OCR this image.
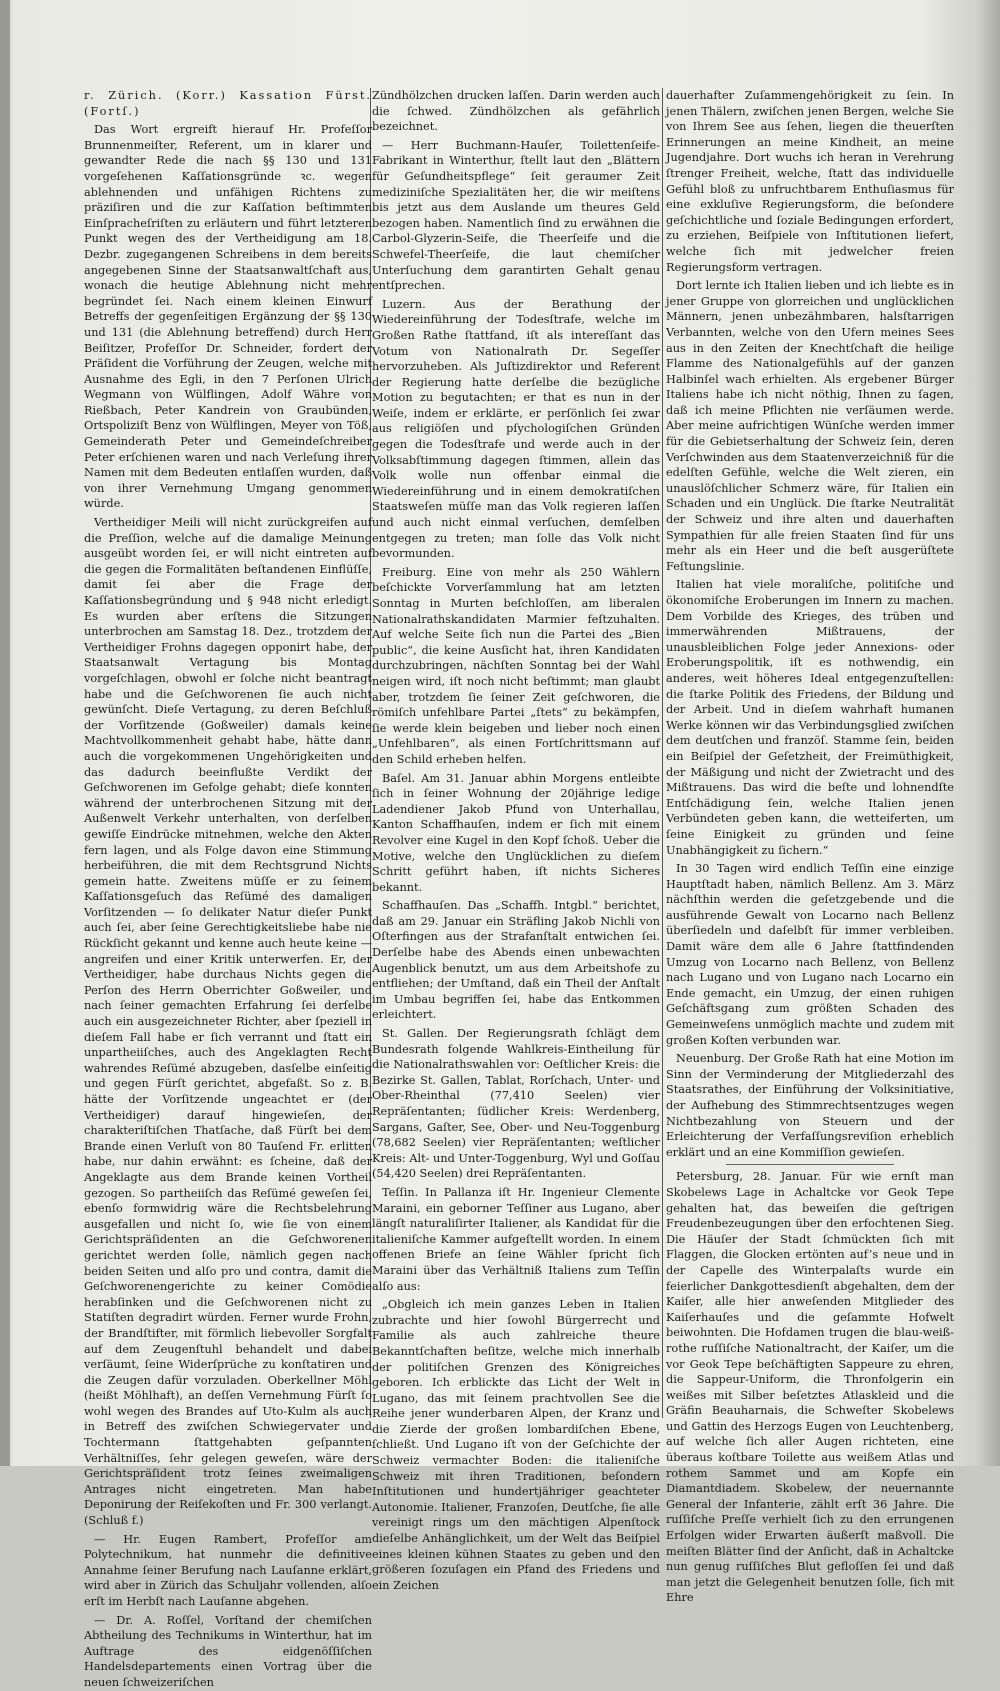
r. Zürich. (Korr.) Kassation Fürst. (Fortſ.)

Das Wort ergreift hierauf Hr. Profeſſor Brunnenmeiſter, Referent, um in klarer und gewandter Rede die nach §§ 130 und 131 vorgeſehenen Kaſſationsgründe ꝛc. wegen ablehnenden und unfähigen Richtens zu präziſiren und die zur Kaſſation beſtimmten Einſpracheſriſten zu erläutern und führt letzteren Punkt wegen des der Vertheidigung am 18. Dezbr. zugegangenen Schreibens in dem bereits angegebenen Sinne der Staatsanwaltſchaft aus, wonach die heutige Ablehnung nicht mehr begründet ſei. Nach einem kleinen Einwurf Betreffs der gegenſeitigen Ergänzung der §§ 130 und 131 (die Ablehnung betreffend) durch Herr Beiſitzer, Profeſſor Dr. Schneider, fordert der Präſident die Vorführung der Zeugen, welche mit Ausnahme des Egli, in den 7 Perſonen Ulrich Wegmann von Wülflingen, Adolf Währe von Rießbach, Peter Kandrein von Graubünden, Ortspoliziſt Benz von Wülflingen, Meyer von Töß, Gemeinderath Peter und Gemeindeſchreiber Peter erſchienen waren und nach Verleſung ihrer Namen mit dem Bedeuten entlaſſen wurden, daß von ihrer Vernehmung Umgang genommen würde.

Vertheidiger Meili will nicht zurückgreifen auf die Preſſion, welche auf die damalige Meinung ausgeübt worden ſei, er will nicht eintreten auf die gegen die Formalitäten beſtandenen Einflüſſe, damit ſei aber die Frage der Kaſſationsbegründung und § 948 nicht erledigt. Es wurden aber erſtens die Sitzungen unterbrochen am Samstag 18. Dez., trotzdem der Vertheidiger Frohns dagegen opponirt habe, der Staatsanwalt Vertagung bis Montag vorgeſchlagen, obwohl er ſolche nicht beantragt habe und die Geſchworenen ſie auch nicht gewünſcht. Dieſe Vertagung, zu deren Beſchluß der Vorſitzende (Goßweiler) damals keine Machtvollkommenheit gehabt habe, hätte dann auch die vorgekommenen Ungehörigkeiten und das dadurch beeinflußte Verdikt der Geſchworenen im Gefolge gehabt; dieſe konnten während der unterbrochenen Sitzung mit der Außenwelt Verkehr unterhalten, von derſelben gewiſſe Eindrücke mitnehmen, welche den Akten fern lagen, und als Folge davon eine Stimmung herbeiführen, die mit dem Rechtsgrund Nichts gemein hatte. Zweitens müſſe er zu ſeinem Kaſſationsgeſuch das Reſümé des damaligen Vorſitzenden — ſo delikater Natur dieſer Punkt auch ſei, aber ſeine Gerechtigkeitsliebe habe nie Rückſicht gekannt und kenne auch heute keine — angreifen und einer Kritik unterwerfen. Er, der Vertheidiger, habe durchaus Nichts gegen die Perſon des Herrn Oberrichter Goßweiler, und nach ſeiner gemachten Erfahrung ſei derſelbe auch ein ausgezeichneter Richter, aber ſpeziell in dieſem Fall habe er ſich verrannt und ſtatt ein unpartheiiſches, auch des Angeklagten Recht wahrendes Reſümé abzugeben, dasſelbe einſeitig und gegen Fürſt gerichtet, abgefaßt. So z. B. hätte der Vorſitzende ungeachtet er (der Vertheidiger) darauf hingewieſen, der charakteriſtiſchen Thatſache, daß Fürſt bei dem Brande einen Verluſt von 80 Tauſend Fr. erlitten habe, nur dahin erwähnt: es ſcheine, daß der Angeklagte aus dem Brande keinen Vortheil gezogen. So partheiiſch das Reſümé geweſen ſei, ebenſo formwidrig wäre die Rechtsbelehrung ausgefallen und nicht ſo, wie ſie von einem Gerichtspräſidenten an die Geſchworenen gerichtet werden ſolle, nämlich gegen nach beiden Seiten und alſo pro und contra, damit die Geſchworenengerichte zu keiner Comödie herabſinken und die Geſchworenen nicht zu Statiſten degradirt würden. Ferner wurde Frohn, der Brandſtifter, mit förmlich liebevoller Sorgfalt auf dem Zeugenſtuhl behandelt und dabei verſäumt, ſeine Widerſprüche zu konſtatiren und die Zeugen dafür vorzuladen. Oberkellner Möhl (heißt Möhlhaft), an deſſen Vernehmung Fürſt ſo wohl wegen des Brandes auf Uto-Kulm als auch in Betreff des zwiſchen Schwiegervater und Tochtermann ſtattgehabten geſpannten Verhältniſſes, ſehr gelegen geweſen, wäre der Gerichtspräſident trotz ſeines zweimaligen Antrages nicht eingetreten. Man habe Deponirung der Reiſekoſten und Fr. 300 verlangt. (Schluß f.)

— Hr. Eugen Rambert, Profeſſor am Polytechnikum, hat nunmehr die definitive Annahme ſeiner Berufung nach Lauſanne erklärt, wird aber in Zürich das Schuljahr vollenden, alſo erſt im Herbſt nach Lauſanne abgehen.

— Dr. A. Roſſel, Vorſtand der chemiſchen Abtheilung des Technikums in Winterthur, hat im Auftrage des eidgenöſſiſchen Handelsdepartements einen Vortrag über die neuen ſchweizeriſchen

Zündhölzchen drucken laſſen. Darin werden auch die ſchwed. Zündhölzchen als gefährlich bezeichnet.

— Herr Buchmann-Hauſer, Toilettenſeife-Fabrikant in Winterthur, ſtellt laut den „Blättern für Geſundheitspflege“ ſeit geraumer Zeit mediziniſche Spezialitäten her, die wir meiſtens bis jetzt aus dem Auslande um theures Geld bezogen haben. Namentlich ſind zu erwähnen die Carbol-Glyzerin-Seife, die Theerſeife und die Schwefel-Theerſeife, die laut chemiſcher Unterſuchung dem garantirten Gehalt genau entſprechen.

Luzern. Aus der Berathung der Wiedereinführung der Todesſtrafe, welche im Großen Rathe ſtattfand, iſt als intereſſant das Votum von Nationalrath Dr. Segeſſer hervorzuheben. Als Juſtizdirektor und Referent der Regierung hatte derſelbe die bezügliche Motion zu begutachten; er that es nun in der Weiſe, indem er erklärte, er perſönlich ſei zwar aus religiöſen und pſychologiſchen Gründen gegen die Todesſtrafe und werde auch in der Volksabſtimmung dagegen ſtimmen, allein das Volk wolle nun offenbar einmal die Wiedereinführung und in einem demokratiſchen Staatsweſen müſſe man das Volk regieren laſſen und auch nicht einmal verſuchen, demſelben entgegen zu treten; man ſolle das Volk nicht bevormunden.

Freiburg. Eine von mehr als 250 Wählern beſchickte Vorverſammlung hat am letzten Sonntag in Murten beſchloſſen, am liberalen Nationalrathskandidaten Marmier feſtzuhalten. Auf welche Seite ſich nun die Partei des „Bien public“, die keine Ausſicht hat, ihren Kandidaten durchzubringen, nächſten Sonntag bei der Wahl neigen wird, iſt noch nicht beſtimmt; man glaubt aber, trotzdem ſie ſeiner Zeit geſchworen, die römiſch unfehlbare Partei „ſtets“ zu bekämpfen, ſie werde klein beigeben und lieber noch einen „Unfehlbaren“, als einen Fortſchrittsmann auf den Schild erheben helfen.

Baſel. Am 31. Januar abhin Morgens entleibte ſich in ſeiner Wohnung der 20jährige ledige Ladendiener Jakob Pfund von Unterhallau, Kanton Schaffhauſen, indem er ſich mit einem Revolver eine Kugel in den Kopf ſchoß. Ueber die Motive, welche den Unglücklichen zu dieſem Schritt geführt haben, iſt nichts Sicheres bekannt.

Schaffhauſen. Das „Schaffh. Intgbl.“ berichtet, daß am 29. Januar ein Sträfling Jakob Nichli von Oſterfingen aus der Strafanſtalt entwichen ſei. Derſelbe habe des Abends einen unbewachten Augenblick benutzt, um aus dem Arbeitshofe zu entfliehen; der Umſtand, daß ein Theil der Anſtalt im Umbau begriffen ſei, habe das Entkommen erleichtert.

St. Gallen. Der Regierungsrath ſchlägt dem Bundesrath folgende Wahlkreis-Eintheilung für die Nationalrathswahlen vor: Oeſtlicher Kreis: die Bezirke St. Gallen, Tablat, Rorſchach, Unter- und Ober-Rheinthal (77,410 Seelen) vier Repräſentanten; ſüdlicher Kreis: Werdenberg, Sargans, Gaſter, See, Ober- und Neu-Toggenburg (78,682 Seelen) vier Repräſentanten; weſtlicher Kreis: Alt- und Unter-Toggenburg, Wyl und Goſſau (54,420 Seelen) drei Repräſentanten.

Teſſin. In Pallanza iſt Hr. Ingenieur Clemente Maraini, ein geborner Teſſiner aus Lugano, aber längſt naturaliſirter Italiener, als Kandidat für die italieniſche Kammer aufgeſtellt worden. In einem offenen Briefe an ſeine Wähler ſpricht ſich Maraini über das Verhältniß Italiens zum Teſſin alſo aus:

„Obgleich ich mein ganzes Leben in Italien zubrachte und hier ſowohl Bürgerrecht und Familie als auch zahlreiche theure Bekanntſchaften beſitze, welche mich innerhalb der politiſchen Grenzen des Königreiches geboren. Ich erblickte das Licht der Welt in Lugano, das mit ſeinem prachtvollen See die Reihe jener wunderbaren Alpen, der Kranz und die Zierde der großen lombardiſchen Ebene, ſchließt. Und Lugano iſt von der Geſchichte der Schweiz vermachter Boden: die italieniſche Schweiz mit ihren Traditionen, beſondern Inſtitutionen und hundertjähriger geachteter Autonomie. Italiener, Franzoſen, Deutſche, ſie alle vereinigt rings um den mächtigen Alpenſtock dieſelbe Anhänglichkeit, um der Welt das Beiſpiel eines kleinen kühnen Staates zu geben und den größeren ſozuſagen ein Pfand des Friedens und ein Zeichen

dauerhafter Zuſammengehörigkeit zu ſein. In jenen Thälern, zwiſchen jenen Bergen, welche Sie von Ihrem See aus ſehen, liegen die theuerſten Erinnerungen an meine Kindheit, an meine Jugendjahre. Dort wuchs ich heran in Verehrung ſtrenger Freiheit, welche, ſtatt das individuelle Gefühl bloß zu unfruchtbarem Enthuſiasmus für eine exkluſive Regierungsform, die beſondere geſchichtliche und ſoziale Bedingungen erfordert, zu erziehen, Beiſpiele von Inſtitutionen liefert, welche ſich mit jedwelcher freien Regierungsform vertragen.

Dort lernte ich Italien lieben und ich liebte es in jener Gruppe von glorreichen und unglücklichen Männern, jenen unbezähmbaren, halsſtarrigen Verbannten, welche von den Ufern meines Sees aus in den Zeiten der Knechtſchaft die heilige Flamme des Nationalgefühls auf der ganzen Halbinſel wach erhielten. Als ergebener Bürger Italiens habe ich nicht nöthig, Ihnen zu ſagen, daß ich meine Pflichten nie verſäumen werde. Aber meine aufrichtigen Wünſche werden immer für die Gebietserhaltung der Schweiz ſein, deren Verſchwinden aus dem Staatenverzeichniß für die edelſten Gefühle, welche die Welt zieren, ein unauslöſchlicher Schmerz wäre, für Italien ein Schaden und ein Unglück. Die ſtarke Neutralität der Schweiz und ihre alten und dauerhaften Sympathien für alle freien Staaten ſind für uns mehr als ein Heer und die beſt ausgerüſtete Feſtungslinie.

Italien hat viele moraliſche, politiſche und ökonomiſche Eroberungen im Innern zu machen. Dem Vorbilde des Krieges, des trüben und immerwährenden Mißtrauens, der unausbleiblichen Folge jeder Annexions- oder Eroberungspolitik, iſt es nothwendig, ein anderes, weit höheres Ideal entgegenzuſtellen: die ſtarke Politik des Friedens, der Bildung und der Arbeit. Und in dieſem wahrhaft humanen Werke können wir das Verbindungsglied zwiſchen dem deutſchen und franzöſ. Stamme ſein, beiden ein Beiſpiel der Geſetzheit, der Freimüthigkeit, der Mäßigung und nicht der Zwietracht und des Mißtrauens. Das wird die beſte und lohnendſte Entſchädigung ſein, welche Italien jenen Verbündeten geben kann, die wetteiferten, um ſeine Einigkeit zu gründen und ſeine Unabhängigkeit zu ſichern.“

In 30 Tagen wird endlich Teſſin eine einzige Hauptſtadt haben, nämlich Bellenz. Am 3. März nächſthin werden die geſetzgebende und die ausführende Gewalt von Locarno nach Bellenz überſiedeln und daſelbſt für immer verbleiben. Damit wäre dem alle 6 Jahre ſtattfindenden Umzug von Locarno nach Bellenz, von Bellenz nach Lugano und von Lugano nach Locarno ein Ende gemacht, ein Umzug, der einen ruhigen Geſchäftsgang zum größten Schaden des Gemeinweſens unmöglich machte und zudem mit großen Koſten verbunden war.

Neuenburg. Der Große Rath hat eine Motion im Sinn der Verminderung der Mitgliederzahl des Staatsrathes, der Einführung der Volksinitiative, der Aufhebung des Stimmrechtsentzuges wegen Nichtbezahlung von Steuern und der Erleichterung der Verfaſſungsreviſion erheblich erklärt und an eine Kommiſſion gewieſen.

Petersburg, 28. Januar. Für wie ernſt man Skobelews Lage in Achaltcke vor Geok Tepe gehalten hat, das beweiſen die geſtrigen Freudenbezeugungen über den erfochtenen Sieg. Die Häuſer der Stadt ſchmückten ſich mit Flaggen, die Glocken ertönten auf’s neue und in der Capelle des Winterpalaſts wurde ein feierlicher Dankgottesdienſt abgehalten, dem der Kaiſer, alle hier anweſenden Mitglieder des Kaiſerhauſes und die geſammte Hofwelt beiwohnten. Die Hofdamen trugen die blau-weiß-rothe ruſſiſche Nationaltracht, der Kaiſer, um die vor Geok Tepe beſchäftigten Sappeure zu ehren, die Sappeur-Uniform, die Thronfolgerin ein weißes mit Silber beſetztes Atlaskleid und die Gräfin Beauharnais, die Schweſter Skobelews und Gattin des Herzogs Eugen von Leuchtenberg, auf welche ſich aller Augen richteten, eine überaus koſtbare Toilette aus weißem Atlas und rothem Sammet und am Kopfe ein Diamantdiadem. Skobelew, der neuernannte General der Infanterie, zählt erſt 36 Jahre. Die ruſſiſche Preſſe verhielt ſich zu den errungenen Erfolgen wider Erwarten äußerſt maßvoll. Die meiſten Blätter ſind der Anſicht, daß in Achaltcke nun genug ruſſiſches Blut gefloſſen ſei und daß man jetzt die Gelegenheit benutzen ſolle, ſich mit Ehre
